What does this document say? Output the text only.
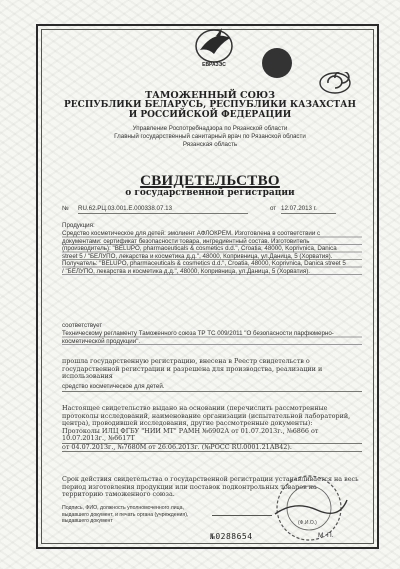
ЕВРАЗЭС
ТАМОЖЕННЫЙ СОЮЗ
РЕСПУБЛИКИ БЕЛАРУСЬ, РЕСПУБЛИКИ КАЗАХСТАН
И РОССИЙСКОЙ ФЕДЕРАЦИИ
Управление Роспотребнадзора по Рязанской области
Главный государственный санитарный врач по Рязанской области
Рязанская область
СВИДЕТЕЛЬСТВО
о государственной регистрации
№ RU.62.РЦ.03.001.Е.000338.07.13	от 12.07.2013 г.
Продукция:
Средство косметическое для детей: эмолиент АФЛОКРЕМ. Изготовлена в соответствии с
документами: сертификат безопасности товара, ингредиентный состав. Изготовитель
(производитель): "BELUPO, pharmaceuticals & cosmetics d.d.", Croatia, 48000, Koprivnica, Danica
street 5 / "БЕЛУПО, лекарства и косметика д.д.", 48000, Копривница, ул.Даница, 5 (Хорватия).
Получатель: "BELUPO, pharmaceuticals & cosmetics d.d.", Croatia, 48000, Koprivnica, Danica street 5
/ "БЕЛУПО, лекарства и косметика д.д.", 48000, Копривница, ул.Даница, 5 (Хорватия).
соответствует
Техническому регламенту Таможенного союза ТР ТС 009/2011 "О безопасности парфюмерно-
косметической продукции".
прошла государственную регистрацию, внесена в Реестр свидетельств о
государственной регистрации и разрешена для производства, реализации и
использования
средство косметическое для детей.
Настоящее свидетельство выдано на основании (перечислить рассмотренные
протоколы исследований, наименование организации (испытательной лабораторий,
центра), проводившей исследования, другие рассмотренные документы):
Протоколы ИЛЦ ФГБУ "НИИ МТ" РАМН №6902А от 01.07.2013г., №6866 от 10.07.2013г., №6617Т
от 04.07.2013г., №7680М от 26.06.2013г. (№РОСС RU.0001.21АВ42).
Срок действия свидетельства о государственной регистрации устанавливается на весь
период изготовления продукции или поставок подконтрольных товаров на
территорию таможенного союза.
Подпись, ФИО, должность уполномоченного лица,
выдавшего документ, и печать органа (учреждения),
выдавшего документ	(Ф.И.О.)
М. П.
№0288654
